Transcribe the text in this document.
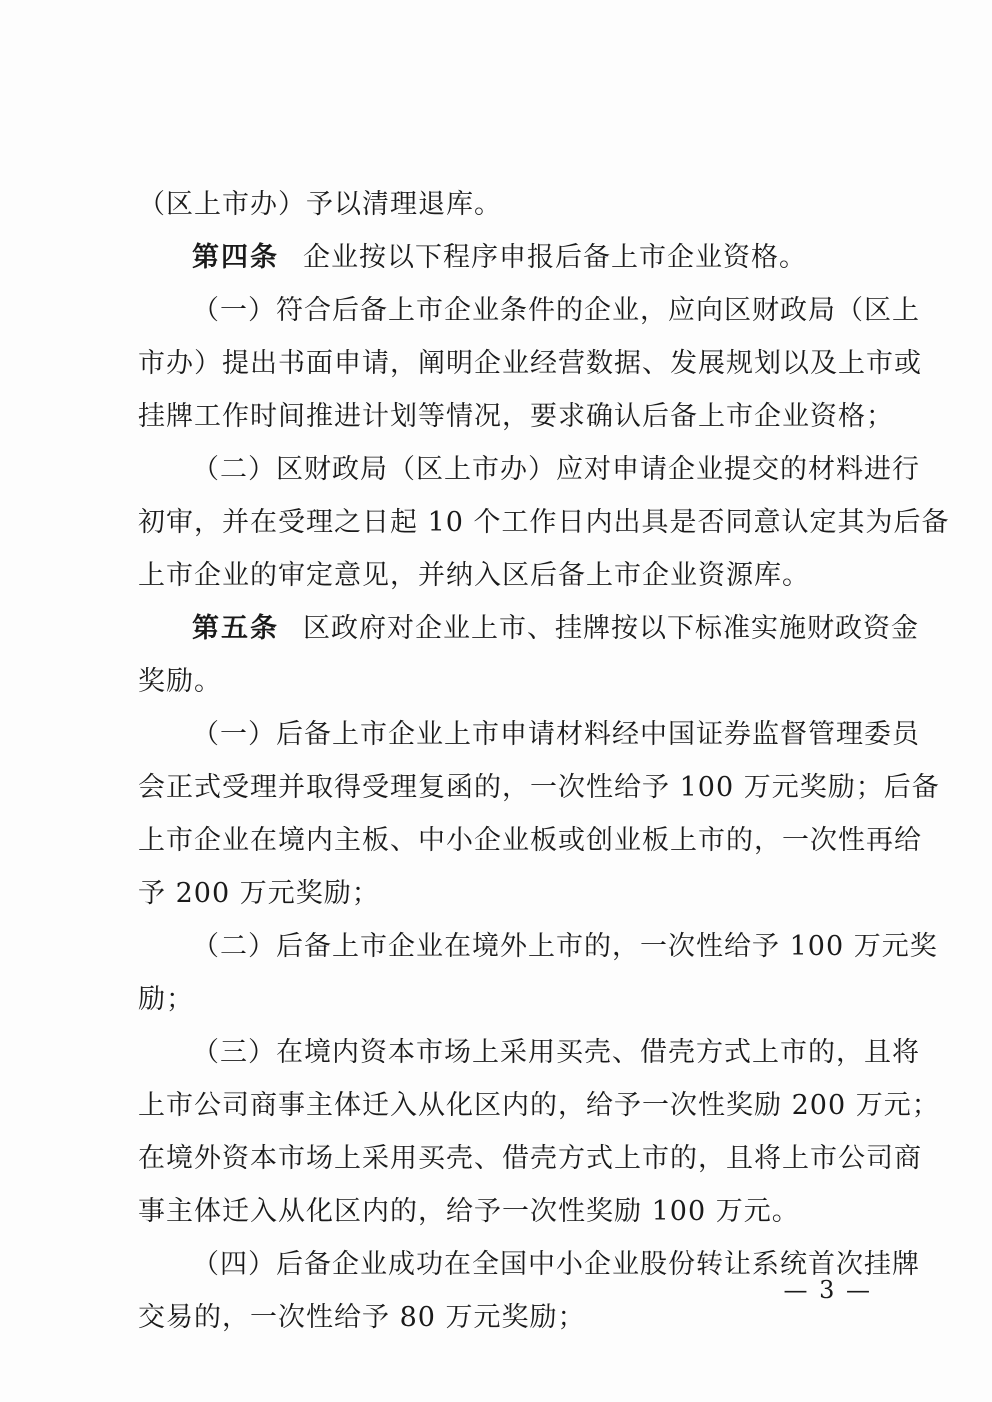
（区上市办）予以清理退库。
第四条 企业按以下程序申报后备上市企业资格。
（一）符合后备上市企业条件的企业，应向区财政局（区上
市办）提出书面申请，阐明企业经营数据、发展规划以及上市或
挂牌工作时间推进计划等情况，要求确认后备上市企业资格；
（二）区财政局（区上市办）应对申请企业提交的材料进行
初审，并在受理之日起 10 个工作日内出具是否同意认定其为后备
上市企业的审定意见，并纳入区后备上市企业资源库。
第五条 区政府对企业上市、挂牌按以下标准实施财政资金
奖励。
（一）后备上市企业上市申请材料经中国证券监督管理委员
会正式受理并取得受理复函的，一次性给予 100 万元奖励；后备
上市企业在境内主板、中小企业板或创业板上市的，一次性再给
予 200 万元奖励；
（二）后备上市企业在境外上市的，一次性给予 100 万元奖
励；
（三）在境内资本市场上采用买壳、借壳方式上市的，且将
上市公司商事主体迁入从化区内的，给予一次性奖励 200 万元；
在境外资本市场上采用买壳、借壳方式上市的，且将上市公司商
事主体迁入从化区内的，给予一次性奖励 100 万元。
（四）后备企业成功在全国中小企业股份转让系统首次挂牌
交易的，一次性给予 80 万元奖励；
— 3 —
